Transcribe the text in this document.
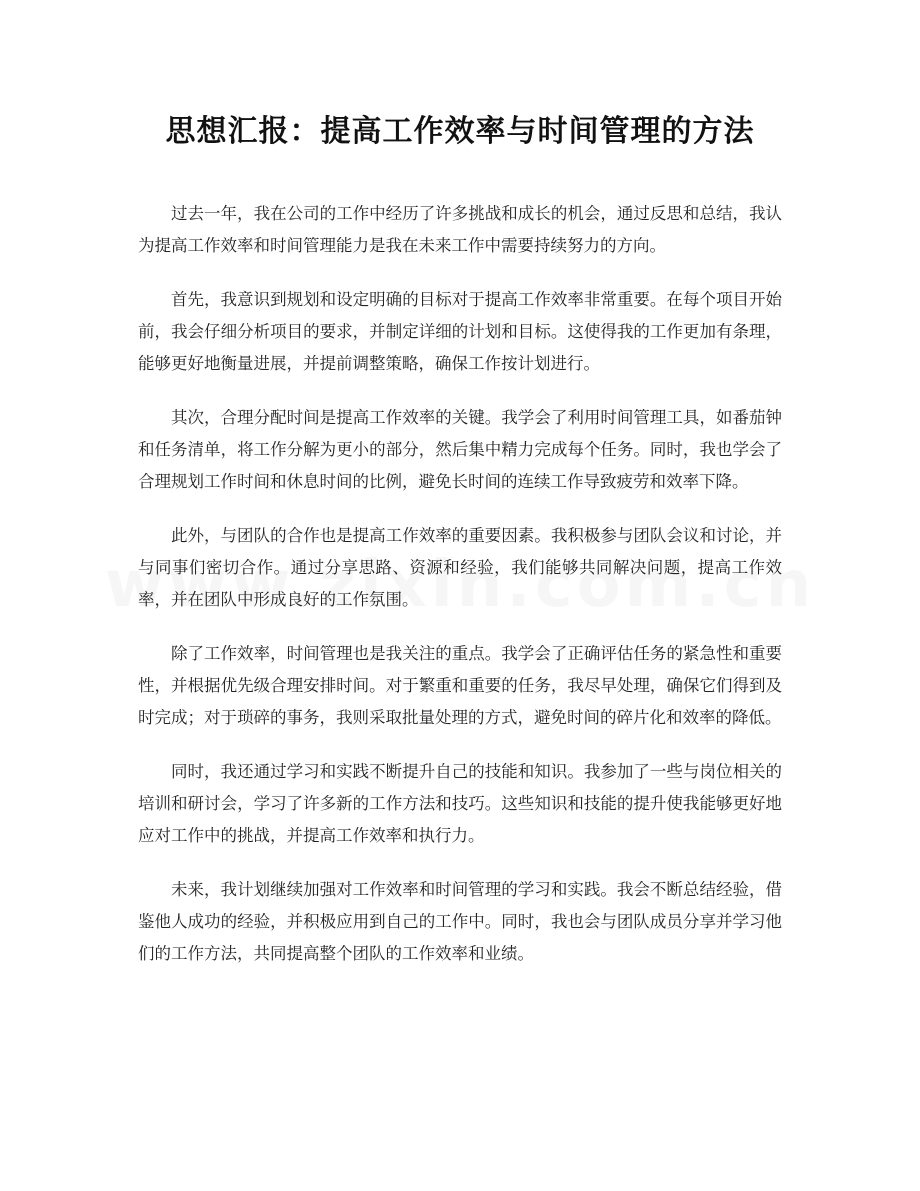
思想汇报：提高工作效率与时间管理的方法

过去一年，我在公司的工作中经历了许多挑战和成长的机会，通过反思和总结，我认为提高工作效率和时间管理能力是我在未来工作中需要持续努力的方向。

首先，我意识到规划和设定明确的目标对于提高工作效率非常重要。在每个项目开始前，我会仔细分析项目的要求，并制定详细的计划和目标。这使得我的工作更加有条理，能够更好地衡量进展，并提前调整策略，确保工作按计划进行。

其次，合理分配时间是提高工作效率的关键。我学会了利用时间管理工具，如番茄钟和任务清单，将工作分解为更小的部分，然后集中精力完成每个任务。同时，我也学会了合理规划工作时间和休息时间的比例，避免长时间的连续工作导致疲劳和效率下降。

此外，与团队的合作也是提高工作效率的重要因素。我积极参与团队会议和讨论，并与同事们密切合作。通过分享思路、资源和经验，我们能够共同解决问题，提高工作效率，并在团队中形成良好的工作氛围。

除了工作效率，时间管理也是我关注的重点。我学会了正确评估任务的紧急性和重要性，并根据优先级合理安排时间。对于繁重和重要的任务，我尽早处理，确保它们得到及时完成；对于琐碎的事务，我则采取批量处理的方式，避免时间的碎片化和效率的降低。

同时，我还通过学习和实践不断提升自己的技能和知识。我参加了一些与岗位相关的培训和研讨会，学习了许多新的工作方法和技巧。这些知识和技能的提升使我能够更好地应对工作中的挑战，并提高工作效率和执行力。

未来，我计划继续加强对工作效率和时间管理的学习和实践。我会不断总结经验，借鉴他人成功的经验，并积极应用到自己的工作中。同时，我也会与团队成员分享并学习他们的工作方法，共同提高整个团队的工作效率和业绩。
